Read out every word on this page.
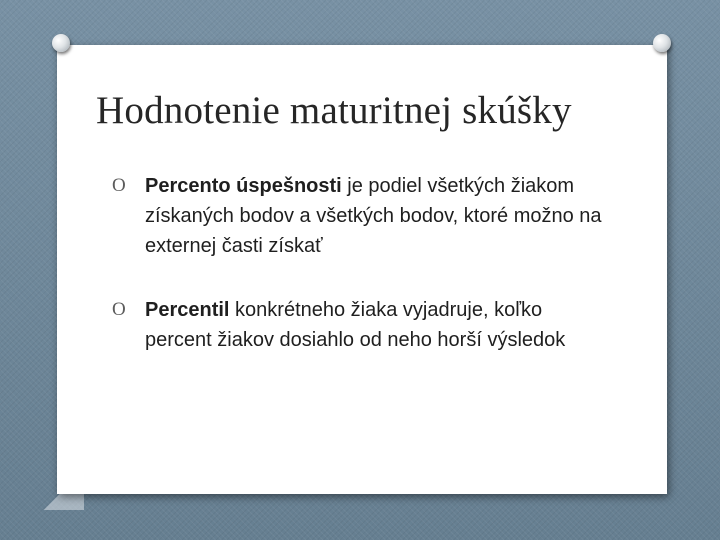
Hodnotenie maturitnej skúšky
O Percento úspešnosti je podiel všetkých žiakom získaných bodov a všetkých bodov, ktoré možno na externej časti získať
O Percentil konkrétneho žiaka vyjadruje, koľko percent žiakov dosiahlo od neho horší výsledok
